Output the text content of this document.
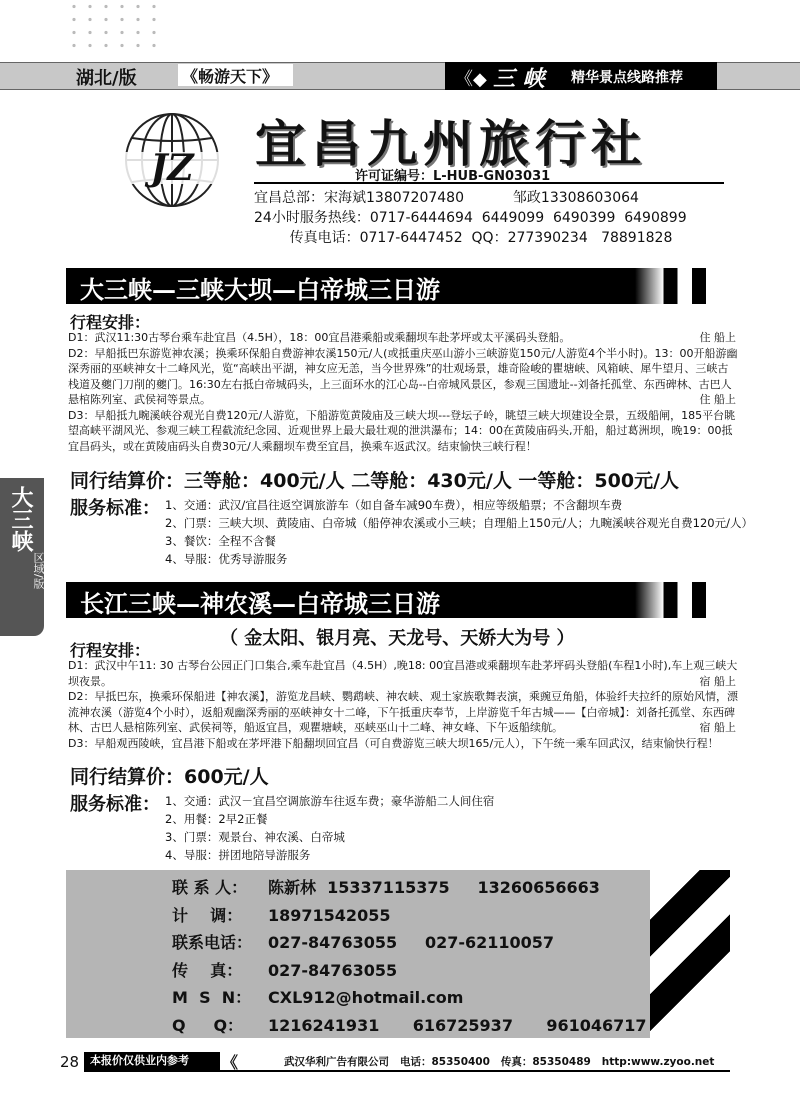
湖北/版	《畅游天下》	《◆ 三 峡 精华景点线路推荐
JZ 宜昌九州旅行社
许可证编号：L-HUB-GN03031
宜昌总部：宋海斌13807207480           邹政13308603064
24小时服务热线：0717-6444694  6449099  6490399  6490899
传真电话：0717-6447452  QQ：277390234   78891828
大三峡—三峡大坝—白帝城三日游
行程安排：
D1：武汉11:30古琴台乘车赴宜昌（4.5H），18：00宜昌港乘船或乘翻坝车赴茅坪或太平溪码头登船。	住 船上
D2：早船抵巴东游览神农溪；换乘环保船自费游神农溪150元/人(或抵重庆巫山游小三峡游览150元/人游览4个半小时)。13：00开船游幽深秀丽的巫峡神女十二峰风光，览“高峡出平湖，神女应无恙，当今世界殊”的壮观场景，雄奇险峻的瞿塘峡、风箱峡、犀牛望月、三峡古栈道及夔门刀削的夔门。16:30左右抵白帝城码头，上三面环水的江心岛--白帝城风景区，参观三国遗址--刘备托孤堂、东西碑林、古巴人悬棺陈列室、武侯祠等景点。	住 船上
D3：早船抵九畹溪峡谷观光自费120元/人游览，下船游览黄陵庙及三峡大坝---登坛子岭，眺望三峡大坝建设全景，五级船闸，185平台眺望高峡平湖风光、参观三峡工程截流纪念园、近观世界上最大最壮观的泄洪瀑布；14：00在黄陵庙码头,开船，船过葛洲坝，晚19：00抵宜昌码头，或在黄陵庙码头自费30元/人乘翻坝车费至宜昌，换乘车返武汉。结束愉快三峡行程！
同行结算价：三等舱：400元/人 二等舱：430元/人 一等舱：500元/人
服务标准： 1、交通：武汉/宜昌往返空调旅游车（如自备车减90车费），相应等级船票；不含翻坝车费
2、门票：三峡大坝、黄陵庙、白帝城（船停神农溪或小三峡；自理船上150元/人；九畹溪峡谷观光自费120元/人）
3、餐饮：全程不含餐
4、导服：优秀导游服务
大三峡
区域/版
长江三峡—神农溪—白帝城三日游
行程安排：
（ 金太阳、银月亮、天龙号、天娇大为号 ）
D1：武汉中午11: 30 古琴台公园正门口集合,乘车赴宜昌（4.5H）,晚18: 00宜昌港或乘翻坝车赴茅坪码头登船(车程1小时),车上观三峡大坝夜景。	宿 船上
D2：早抵巴东，换乘环保船进【神农溪】，游览龙昌峡、鹦鹉峡、神农峡、观土家族歌舞表演，乘豌豆角船，体验纤夫拉纤的原始风情，漂流神农溪（游览4个小时），返船观幽深秀丽的巫峡神女十二峰，下午抵重庆奉节，上岸游览千年古城——【白帝城】：刘备托孤堂、东西碑林、古巴人悬棺陈列室、武侯祠等，船返宜昌，观瞿塘峡，巫峡巫山十二峰、神女峰、下午返船续航。	宿 船上
D3：早船观西陵峡，宜昌港下船或在茅坪港下船翻坝回宜昌（可自费游览三峡大坝165/元人），下午统一乘车回武汉，结束愉快行程！
同行结算价：600元/人
服务标准： 1、交通：武汉－宜昌空调旅游车往返车费；豪华游船二人间住宿
2、用餐：2早2正餐
3、门票：观景台、神农溪、白帝城
4、导服：拼团地陪导游服务
联 系 人： 陈新林  15337115375     13260656663
计    调： 18971542055
联系电话： 027-84763055     027-62110057
传    真： 027-84763055
M  S  N： CXL912@hotmail.com
Q     Q： 1216241931      616725937      961046717
28 本报价仅供业内参考	《	武汉华利广告有限公司   电话：85350400   传真：85350489   http:www.zyoo.net
